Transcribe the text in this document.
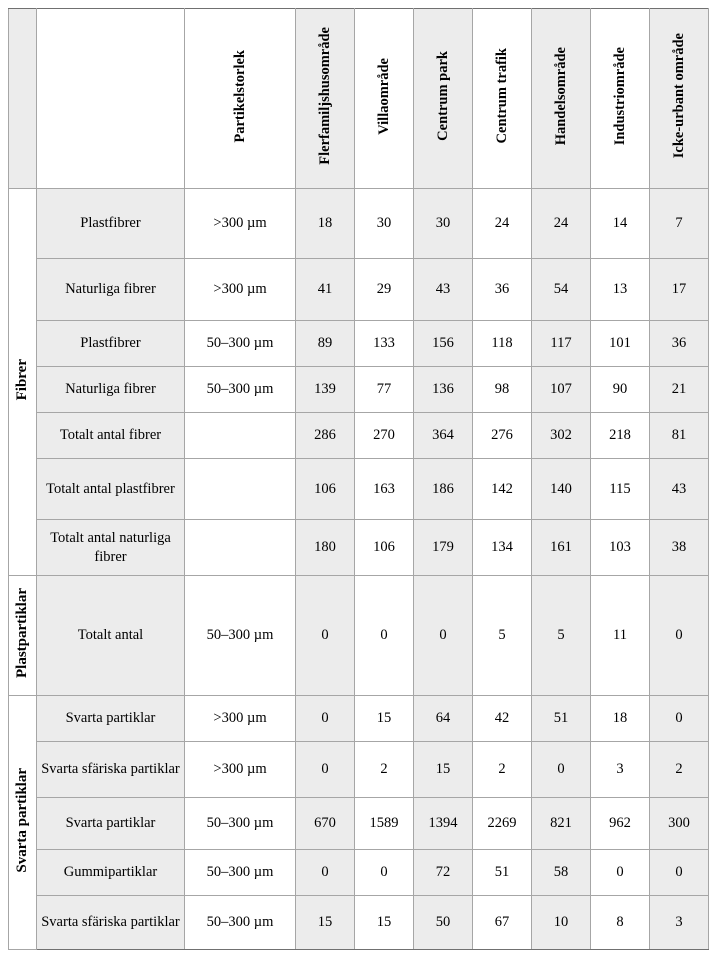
		Partikelstorlek	Flerfamiljshusområde	Villaområde	Centrum park	Centrum trafik	Handelsområde	Industriområde	Icke-urbant område
Fibrer	Plastfibrer	>300 µm	18	30	30	24	24	14	7
	Naturliga fibrer	>300 µm	41	29	43	36	54	13	17
	Plastfibrer	50–300 µm	89	133	156	118	117	101	36
	Naturliga fibrer	50–300 µm	139	77	136	98	107	90	21
	Totalt antal fibrer		286	270	364	276	302	218	81
	Totalt antal plastfibrer		106	163	186	142	140	115	43
	Totalt antal naturliga fibrer		180	106	179	134	161	103	38
Plastpartiklar	Totalt antal	50–300 µm	0	0	0	5	5	11	0
Svarta partiklar	Svarta partiklar	>300 µm	0	15	64	42	51	18	0
	Svarta sfäriska partiklar	>300 µm	0	2	15	2	0	3	2
	Svarta partiklar	50–300 µm	670	1589	1394	2269	821	962	300
	Gummipartiklar	50–300 µm	0	0	72	51	58	0	0
	Svarta sfäriska partiklar	50–300 µm	15	15	50	67	10	8	3
